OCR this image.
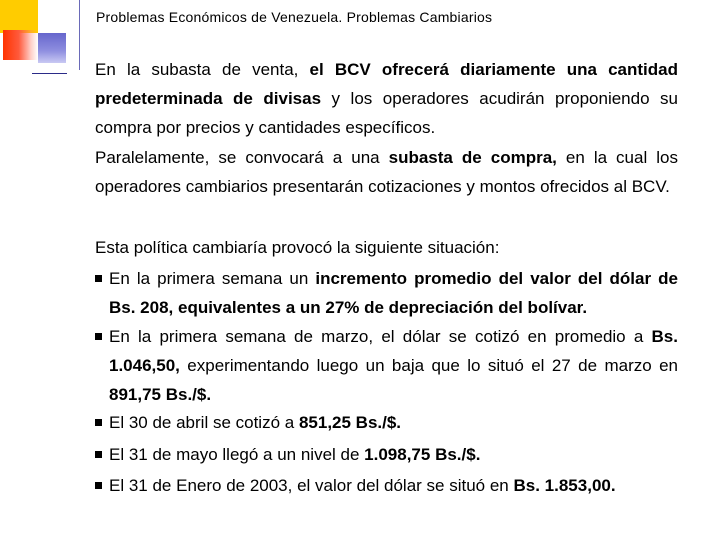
Problemas Económicos de Venezuela. Problemas Cambiarios

En la subasta de venta, el BCV ofrecerá diariamente una cantidad predeterminada de divisas y los operadores acudirán proponiendo su compra por precios y cantidades específicos.

Paralelamente, se convocará a una subasta de compra, en la cual los operadores cambiarios presentarán cotizaciones y montos ofrecidos al BCV.

Esta política cambiaría provocó la siguiente situación:

En la primera semana un incremento promedio del valor del dólar de Bs. 208, equivalentes a un 27% de depreciación del bolívar.
En la primera semana de marzo, el dólar se cotizó en promedio a Bs. 1.046,50, experimentando luego un baja que lo situó el 27 de marzo en 891,75 Bs./$.
El 30 de abril se cotizó a 851,25 Bs./$.
El 31 de mayo llegó a un nivel de 1.098,75 Bs./$.
El 31 de Enero de 2003, el valor del dólar se situó en Bs. 1.853,00.
